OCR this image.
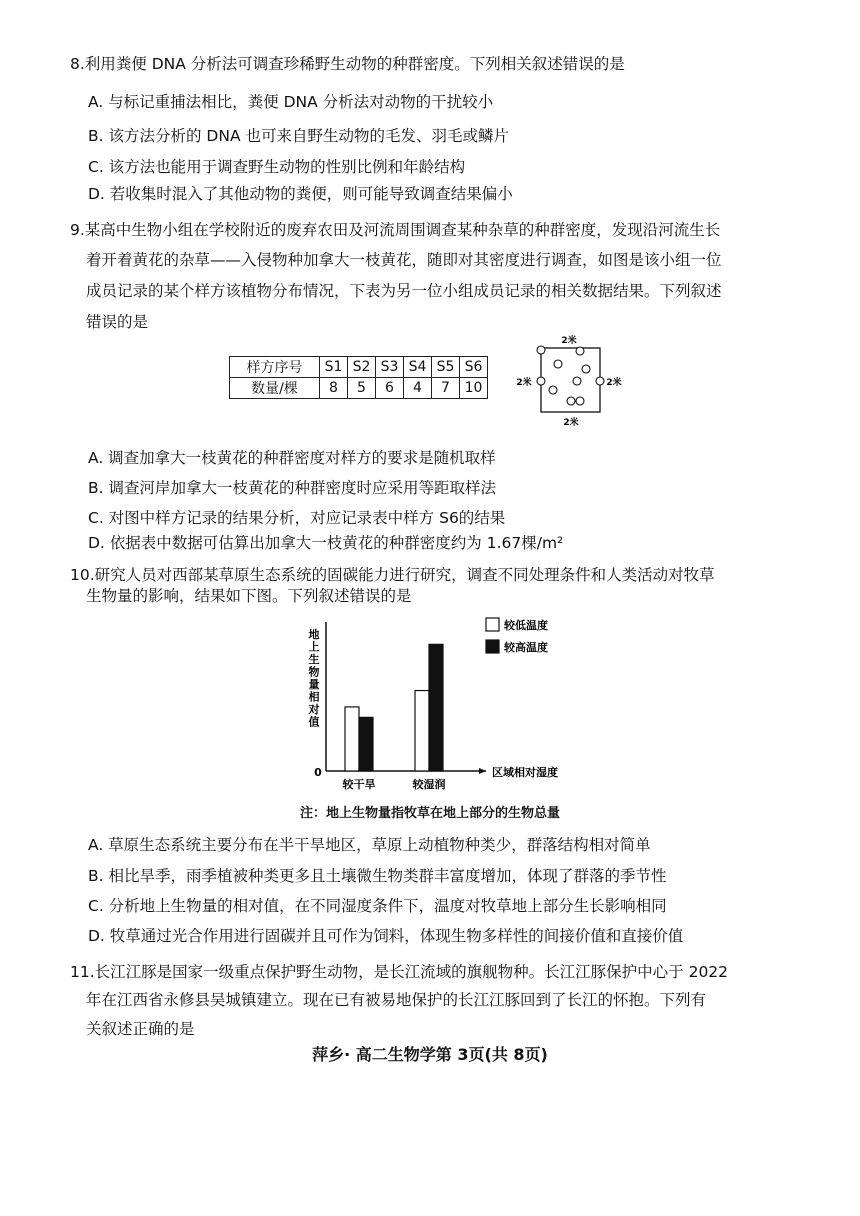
8.利用粪便 DNA 分析法可调查珍稀野生动物的种群密度。下列相关叙述错误的是
A. 与标记重捕法相比，粪便 DNA 分析法对动物的干扰较小
B. 该方法分析的 DNA 也可来自野生动物的毛发、羽毛或鳞片
C. 该方法也能用于调查野生动物的性别比例和年龄结构
D. 若收集时混入了其他动物的粪便，则可能导致调查结果偏小
9.某高中生物小组在学校附近的废弃农田及河流周围调查某种杂草的种群密度，发现沿河流生长
着开着黄花的杂草——入侵物种加拿大一枝黄花，随即对其密度进行调查，如图是该小组一位
成员记录的某个样方该植物分布情况，下表为另一位小组成员记录的相关数据结果。下列叙述
错误的是
样方序号	S1	S2	S3	S4	S5	S6
数量/棵	8	5	6	4	7	10
2米
2米	2米
2米
A. 调查加拿大一枝黄花的种群密度对样方的要求是随机取样
B. 调查河岸加拿大一枝黄花的种群密度时应采用等距取样法
C. 对图中样方记录的结果分析，对应记录表中样方 S6的结果
D. 依据表中数据可估算出加拿大一枝黄花的种群密度约为 1.67棵/m²
10.研究人员对西部某草原生态系统的固碳能力进行研究，调查不同处理条件和人类活动对牧草
生物量的影响，结果如下图。下列叙述错误的是
较干旱	较湿润
0	区域相对湿度
地上生物量相对值
较低温度
较高温度
注：地上生物量指牧草在地上部分的生物总量
A. 草原生态系统主要分布在半干旱地区，草原上动植物种类少，群落结构相对简单
B. 相比旱季，雨季植被种类更多且土壤微生物类群丰富度增加，体现了群落的季节性
C. 分析地上生物量的相对值，在不同湿度条件下，温度对牧草地上部分生长影响相同
D. 牧草通过光合作用进行固碳并且可作为饲料，体现生物多样性的间接价值和直接价值
11.长江江豚是国家一级重点保护野生动物，是长江流域的旗舰物种。长江江豚保护中心于 2022
年在江西省永修县吴城镇建立。现在已有被易地保护的长江江豚回到了长江的怀抱。下列有
关叙述正确的是
萍乡· 高二生物学第 3页(共 8页)
